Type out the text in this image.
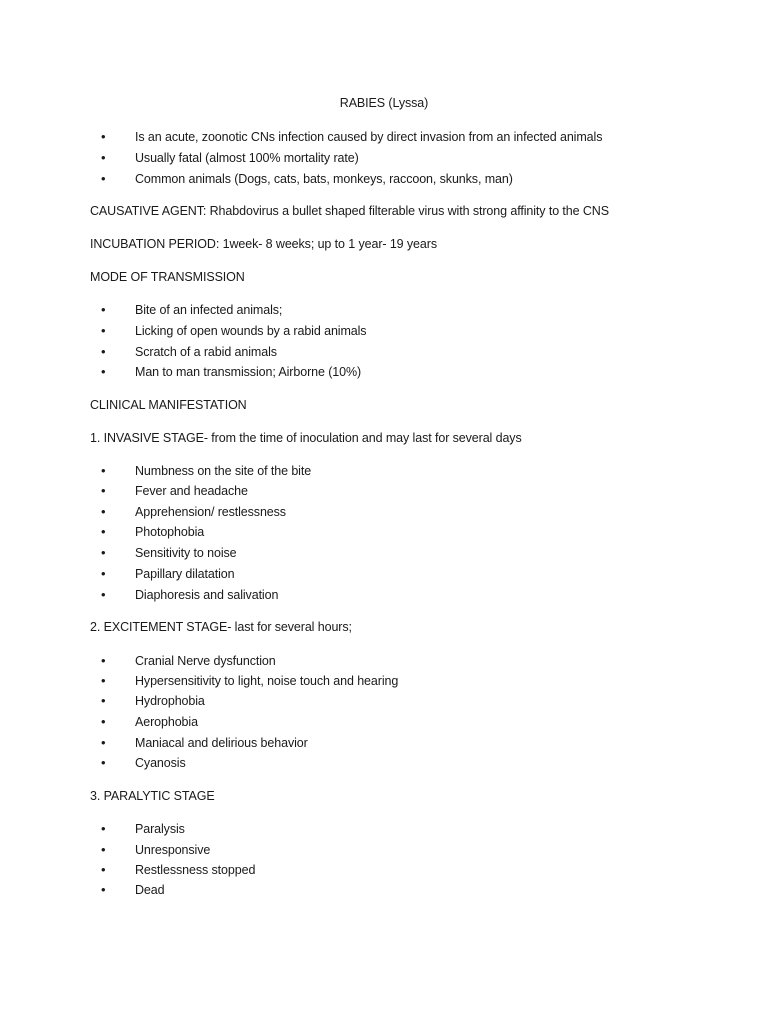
RABIES (Lyssa)
• Is an acute, zoonotic CNs infection caused by direct invasion from an infected animals
• Usually fatal (almost 100% mortality rate)
• Common animals (Dogs, cats, bats, monkeys, raccoon, skunks, man)
CAUSATIVE AGENT: Rhabdovirus a bullet shaped filterable virus with strong affinity to the CNS
INCUBATION PERIOD: 1week- 8 weeks; up to 1 year- 19 years
MODE OF TRANSMISSION
• Bite of an infected animals;
• Licking of open wounds by a rabid animals
• Scratch of a rabid animals
• Man to man transmission; Airborne (10%)
CLINICAL MANIFESTATION
1. INVASIVE STAGE- from the time of inoculation and may last for several days
• Numbness on the site of the bite
• Fever and headache
• Apprehension/ restlessness
• Photophobia
• Sensitivity to noise
• Papillary dilatation
• Diaphoresis and salivation
2. EXCITEMENT STAGE- last for several hours;
• Cranial Nerve dysfunction
• Hypersensitivity to light, noise touch and hearing
• Hydrophobia
• Aerophobia
• Maniacal and delirious behavior
• Cyanosis
3. PARALYTIC STAGE
• Paralysis
• Unresponsive
• Restlessness stopped
• Dead
